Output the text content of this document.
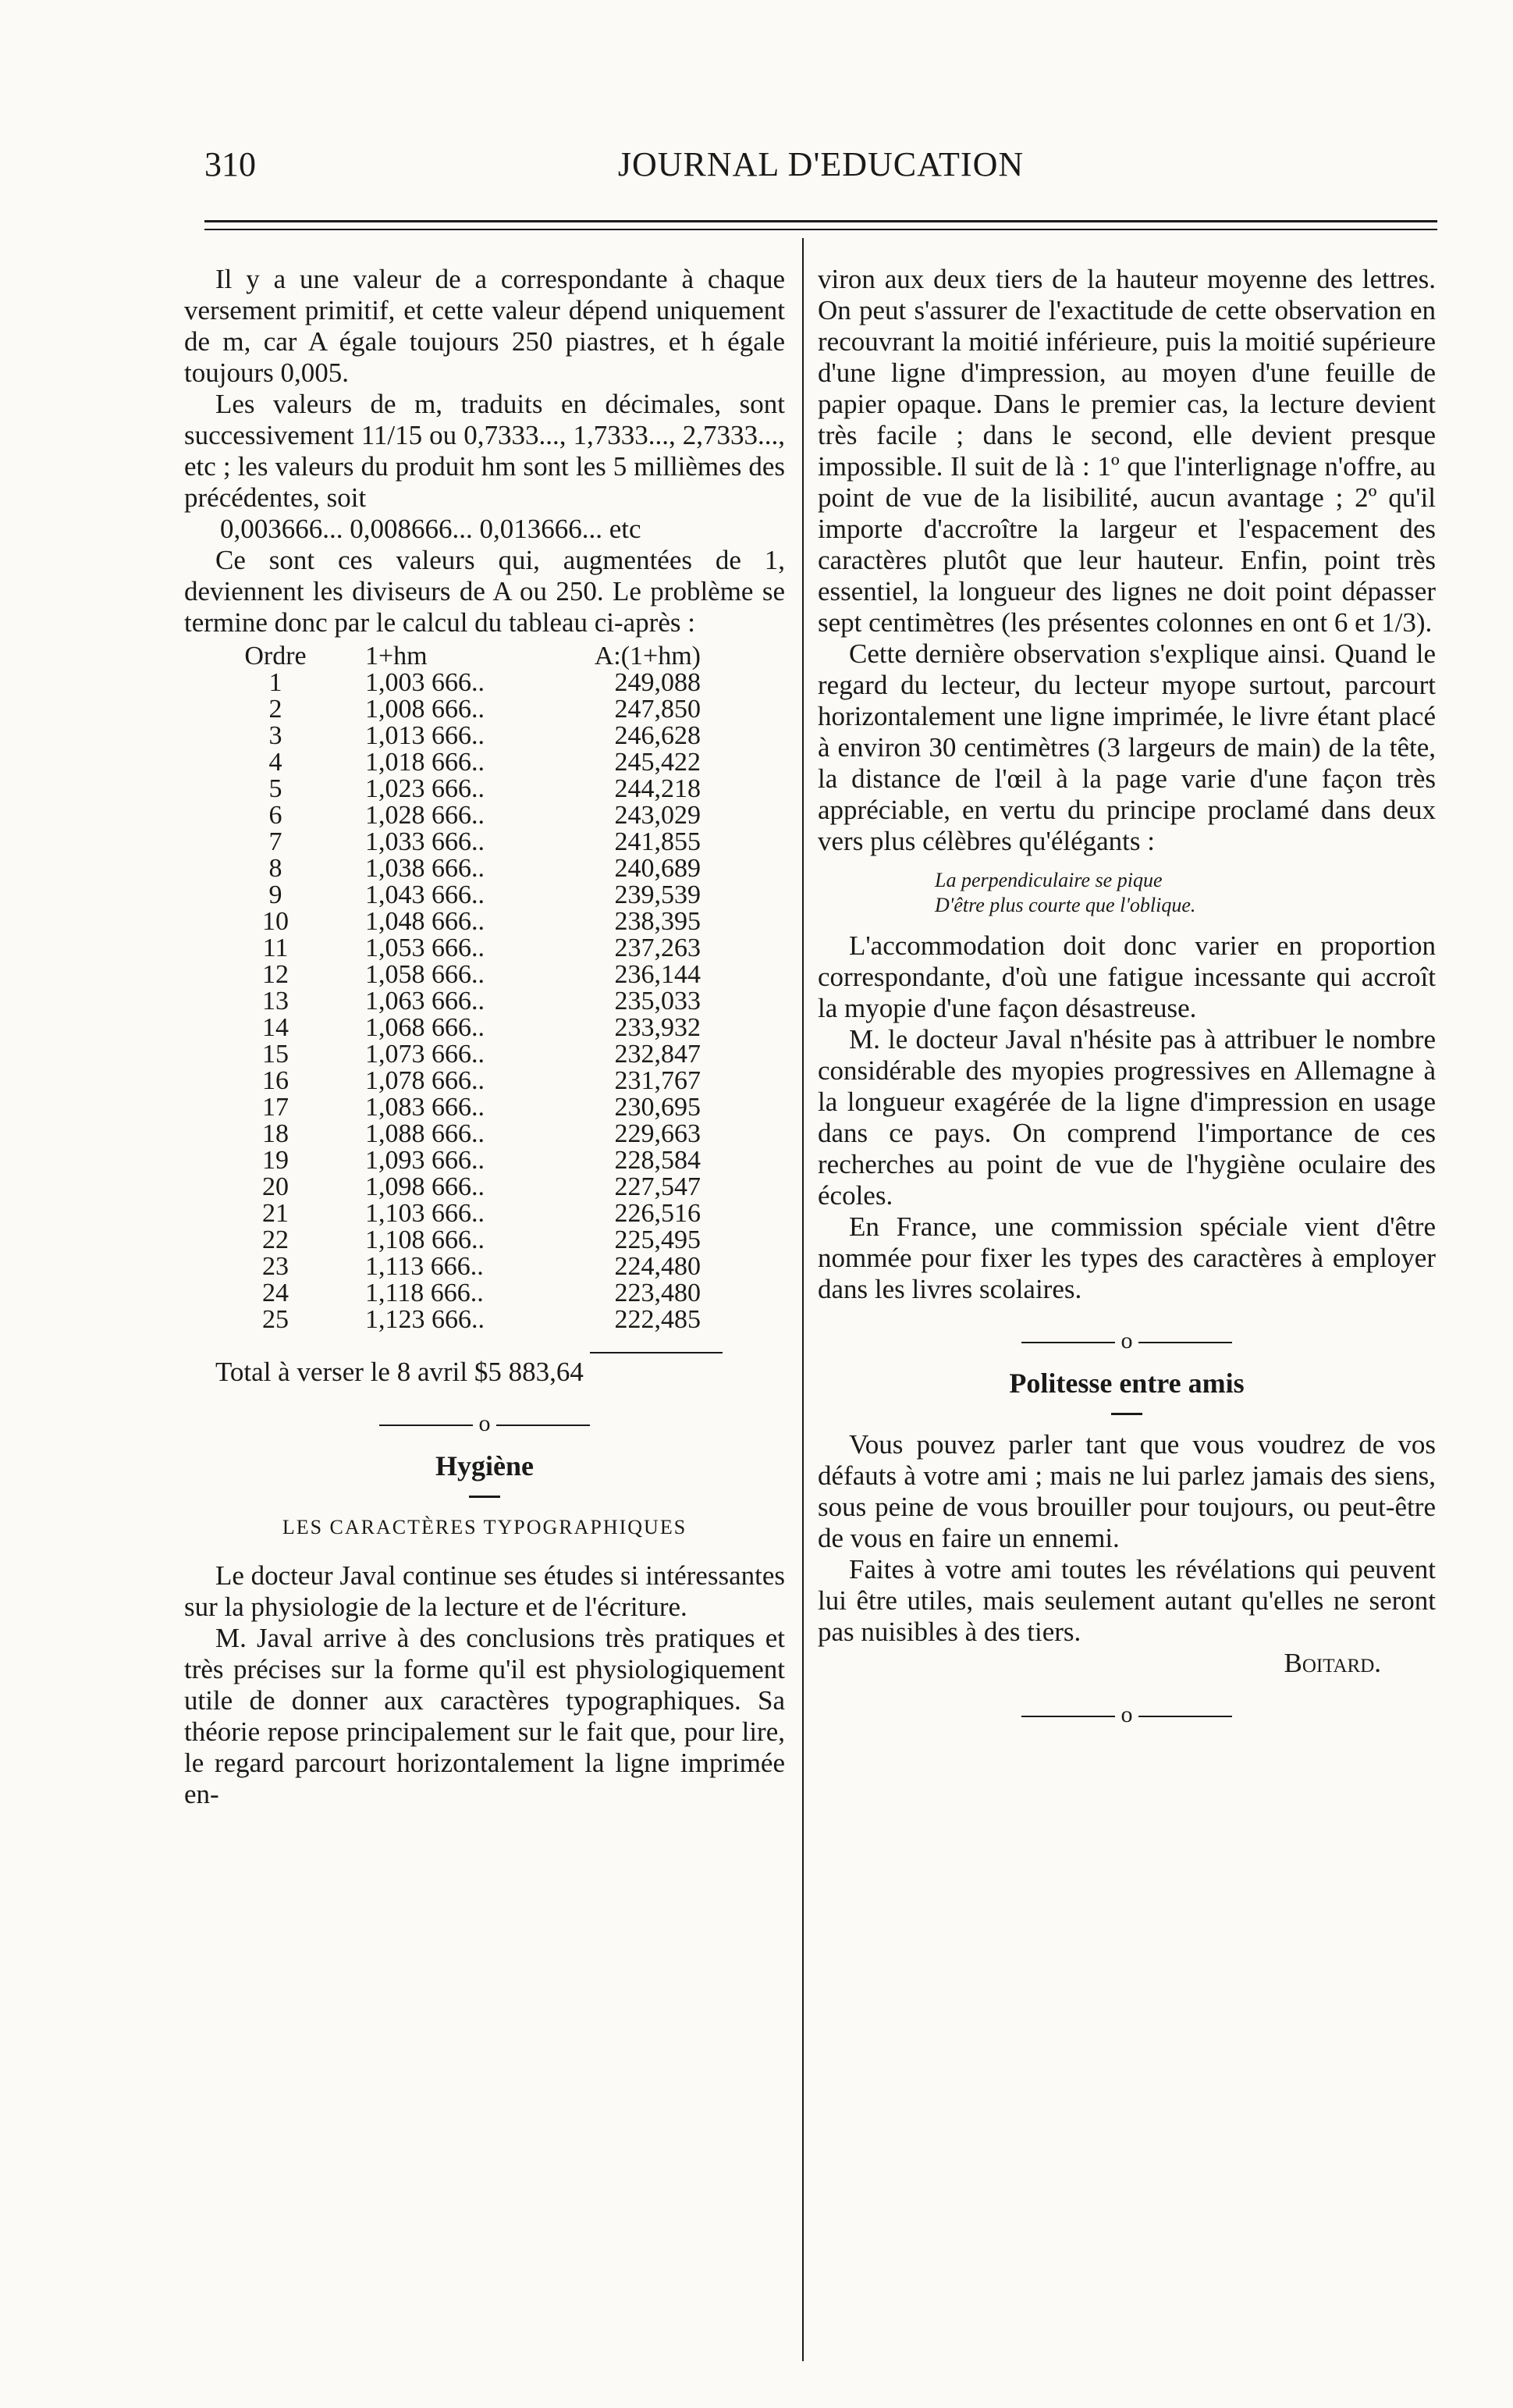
310	JOURNAL D'EDUCATION

Il y a une valeur de a correspondante à chaque versement primitif, et cette valeur dépend uniquement de m, car A égale toujours 250 piastres, et h égale toujours 0,005.

Les valeurs de m, traduits en décimales, sont successivement 11/15 ou 0,7333..., 1,7333..., 2,7333..., etc ; les valeurs du produit hm sont les 5 millièmes des précédentes, soit

0,003666... 0,008666... 0,013666... etc

Ce sont ces valeurs qui, augmentées de 1, deviennent les diviseurs de A ou 250. Le problème se termine donc par le calcul du tableau ci-après :

Ordre	1+hm	A:(1+hm)
1	1,003 666..	249,088
2	1,008 666..	247,850
3	1,013 666..	246,628
4	1,018 666..	245,422
5	1,023 666..	244,218
6	1,028 666..	243,029
7	1,033 666..	241,855
8	1,038 666..	240,689
9	1,043 666..	239,539
10	1,048 666..	238,395
11	1,053 666..	237,263
12	1,058 666..	236,144
13	1,063 666..	235,033
14	1,068 666..	233,932
15	1,073 666..	232,847
16	1,078 666..	231,767
17	1,083 666..	230,695
18	1,088 666..	229,663
19	1,093 666..	228,584
20	1,098 666..	227,547
21	1,103 666..	226,516
22	1,108 666..	225,495
23	1,113 666..	224,480
24	1,118 666..	223,480
25	1,123 666..	222,485

Total à verser le 8 avril $5 883,64

o
Hygiène
LES CARACTÈRES TYPOGRAPHIQUES

Le docteur Javal continue ses études si intéressantes sur la physiologie de la lecture et de l'écriture.

M. Javal arrive à des conclusions très pratiques et très précises sur la forme qu'il est physiologiquement utile de donner aux caractères typographiques. Sa théorie repose principalement sur le fait que, pour lire, le regard parcourt horizontalement la ligne imprimée en-

viron aux deux tiers de la hauteur moyenne des lettres. On peut s'assurer de l'exactitude de cette observation en recouvrant la moitié inférieure, puis la moitié supérieure d'une ligne d'impression, au moyen d'une feuille de papier opaque. Dans le premier cas, la lecture devient très facile ; dans le second, elle devient presque impossible. Il suit de là : 1º que l'interlignage n'offre, au point de vue de la lisibilité, aucun avantage ; 2º qu'il importe d'accroître la largeur et l'espacement des caractères plutôt que leur hauteur. Enfin, point très essentiel, la longueur des lignes ne doit point dépasser sept centimètres (les présentes colonnes en ont 6 et 1/3).

Cette dernière observation s'explique ainsi. Quand le regard du lecteur, du lecteur myope surtout, parcourt horizontalement une ligne imprimée, le livre étant placé à environ 30 centimètres (3 largeurs de main) de la tête, la distance de l'œil à la page varie d'une façon très appréciable, en vertu du principe proclamé dans deux vers plus célèbres qu'élégants :

La perpendiculaire se pique
D'être plus courte que l'oblique.

L'accommodation doit donc varier en proportion correspondante, d'où une fatigue incessante qui accroît la myopie d'une façon désastreuse.

M. le docteur Javal n'hésite pas à attribuer le nombre considérable des myopies progressives en Allemagne à la longueur exagérée de la ligne d'impression en usage dans ce pays. On comprend l'importance de ces recherches au point de vue de l'hygiène oculaire des écoles.

En France, une commission spéciale vient d'être nommée pour fixer les types des caractères à employer dans les livres scolaires.

o
Politesse entre amis

Vous pouvez parler tant que vous voudrez de vos défauts à votre ami ; mais ne lui parlez jamais des siens, sous peine de vous brouiller pour toujours, ou peut-être de vous en faire un ennemi.

Faites à votre ami toutes les révélations qui peuvent lui être utiles, mais seulement autant qu'elles ne seront pas nuisibles à des tiers.

Boitard.

o
